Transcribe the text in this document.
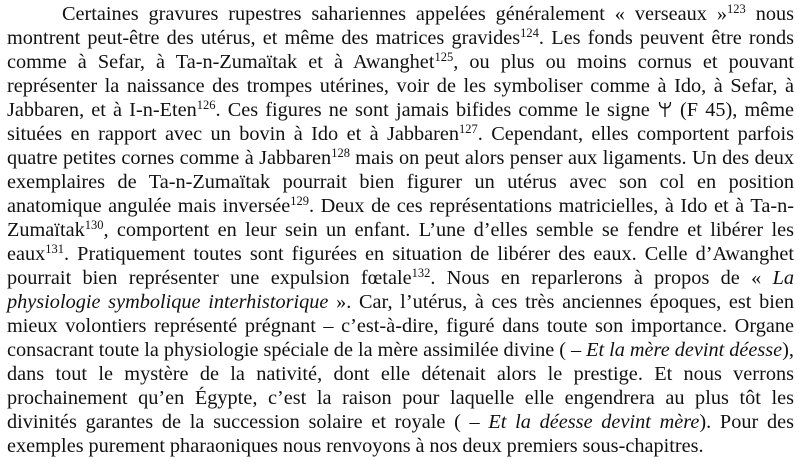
Certaines gravures rupestres sahariennes appelées généralement « verseaux »$^{123}$ nous montrent peut-être des utérus, et même des matrices gravides$^{124}$. Les fonds peuvent être ronds comme à Sefar, à Ta-n-Zumaïtak et à Awanghet$^{125}$, ou plus ou moins cornus et pouvant représenter la naissance des trompes utérines, voir de les symboliser comme à Ido, à Sefar, à Jabbaren, et à I-n-Eten$^{126}$. Ces figures ne sont jamais bifides comme le signe  (F 45), même situées en rapport avec un bovin à Ido et à Jabbaren$^{127}$. Cependant, elles comportent parfois quatre petites cornes comme à Jabbaren$^{128}$ mais on peut alors penser aux ligaments. Un des deux exemplaires de Ta-n-Zumaïtak pourrait bien figurer un utérus avec son col en position anatomique angulée mais inversée$^{129}$. Deux de ces représentations matricielles, à Ido et à Ta-n-Zumaïtak$^{130}$, comportent en leur sein un enfant. L’une d’elles semble se fendre et libérer les eaux$^{131}$. Pratiquement toutes sont figurées en situation de libérer des eaux. Celle d’Awanghet pourrait bien représenter une expulsion fœtale$^{132}$. Nous en reparlerons à propos de « La physiologie symbolique interhistorique ». Car, l’utérus, à ces très anciennes époques, est bien mieux volontiers représenté prégnant – c’est-à-dire, figuré dans toute son importance. Organe consacrant toute la physiologie spéciale de la mère assimilée divine ( – Et la mère devint déesse), dans tout le mystère de la nativité, dont elle détenait alors le prestige. Et nous verrons prochainement qu’en Égypte, c’est la raison pour laquelle elle engendrera au plus tôt les divinités garantes de la succession solaire et royale ( – Et la déesse devint mère). Pour des exemples purement pharaoniques nous renvoyons à nos deux premiers sous-chapitres.
